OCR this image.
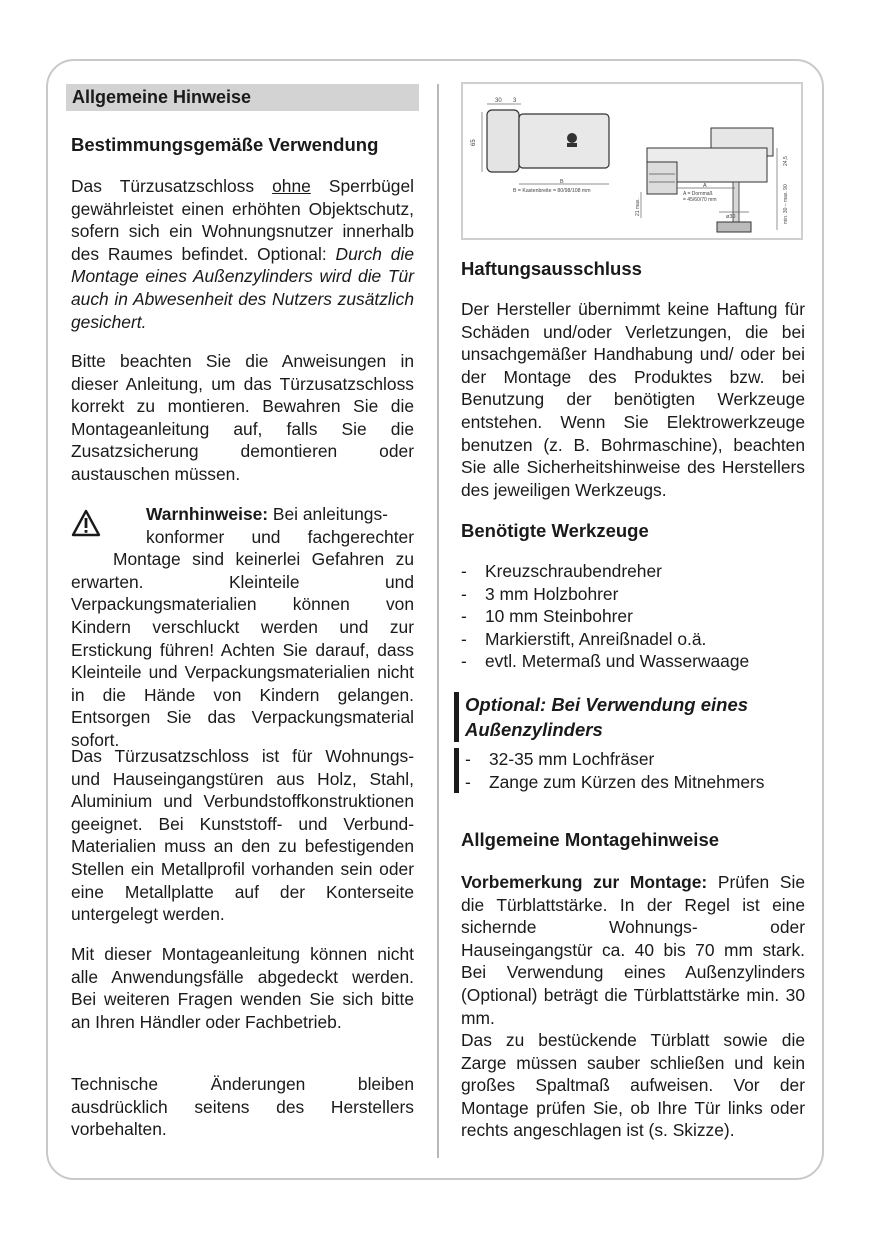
Allgemeine Hinweise
Bestimmungsgemäße Verwendung

Das Türzusatzschloss ohne Sperrbügel gewährleistet einen erhöhten Objektschutz, sofern sich ein Wohnungsnutzer innerhalb des Raumes befindet. Optional: Durch die Montage eines Außenzylinders wird die Tür auch in Abwesenheit des Nutzers zusätzlich gesichert.

Bitte beachten Sie die Anweisungen in dieser Anleitung, um das Türzusatzschloss korrekt zu montieren. Bewahren Sie die Montageanleitung auf, falls Sie die Zusatzsicherung demontieren oder austauschen müssen.

Warnhinweise: Bei anleitungs-
konformer und fachgerechter
Montage sind keinerlei Gefahren zu

erwarten. Kleinteile und Verpackungsmaterialien können von Kindern verschluckt werden und zur Erstickung führen! Achten Sie darauf, dass Kleinteile und Verpackungsmaterialien nicht in die Hände von Kindern gelangen. Entsorgen Sie das Verpackungsmaterial sofort.

Das Türzusatzschloss ist für Wohnungs- und Hauseingangstüren aus Holz, Stahl, Aluminium und Verbundstoffkonstruktionen geeignet. Bei Kunststoff- und Verbund-Materialien muss an den zu befestigenden Stellen ein Metallprofil vorhanden sein oder eine Metallplatte auf der Konterseite untergelegt werden.

Mit dieser Montageanleitung können nicht alle Anwendungsfälle abgedeckt werden. Bei weiteren Fragen wenden Sie sich bitte an Ihren Händler oder Fachbetrieb.

Technische Änderungen bleiben ausdrücklich seitens des Herstellers vorbehalten.

30 3
65
B
B = Kastenbreite = 80/98/108 mm
A
A = Dornmaß
= 45/60/70 mm
21 max.
ø30	min. 30 – max. 90
24,5
Haftungsausschluss

Der Hersteller übernimmt keine Haftung für Schäden und/oder Verletzungen, die bei unsachgemäßer Handhabung und/ oder bei der Montage des Produktes bzw. bei Benutzung der benötigten Werkzeuge entstehen. Wenn Sie Elektrowerkzeuge benutzen (z. B. Bohrmaschine), beachten Sie alle Sicherheitshinweise des Herstellers des jeweiligen Werkzeugs.

Benötigte Werkzeuge
- Kreuzschraubendreher
- 3 mm Holzbohrer
- 10 mm Steinbohrer
- Markierstift, Anreißnadel o.ä.
- evtl. Metermaß und Wasserwaage
Optional: Bei Verwendung eines Außenzylinders
- 32-35 mm Lochfräser
- Zange zum Kürzen des Mitnehmers
Allgemeine Montagehinweise

Vorbemerkung zur Montage: Prüfen Sie die Türblattstärke. In der Regel ist eine sichernde Wohnungs- oder Hauseingangstür ca. 40 bis 70 mm stark. Bei Verwendung eines Außenzylinders (Optional) beträgt die Türblattstärke min. 30 mm.

Das zu bestückende Türblatt sowie die Zarge müssen sauber schließen und kein großes Spaltmaß aufweisen. Vor der Montage prüfen Sie, ob Ihre Tür links oder rechts angeschlagen ist (s. Skizze).
